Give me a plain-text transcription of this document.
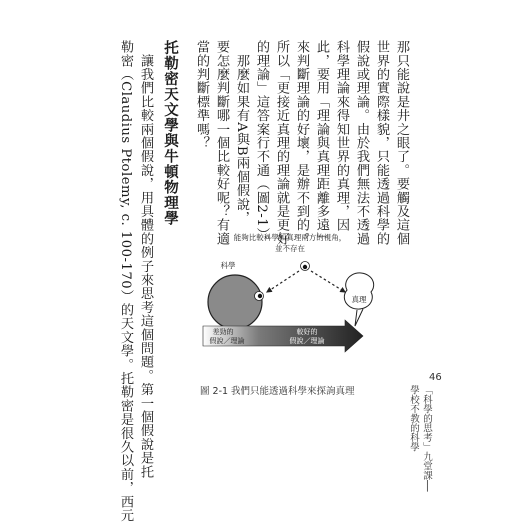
那只能說是井之眼了。要觸及這個
世界的實際樣貌，只能透過科學的
假說或理論。由於我們無法不透過
科學理論來得知世界的真理，因
此，要用「理論與真理距離多遠」
來判斷理論的好壞，是辦不到的。
所以「更接近真理的理論就是更好
的理論」這答案行不通（圖2-1）。
　那麼如果有A與B兩個假說，
要怎麼判斷哪一個比較好呢？有適
當的判斷標準嗎？
托勒密天文學與牛頓物理學
　讓我們比較兩個假說，用具體的例子來思考這個問題。第一個假說是托
勒密（Claudius Ptolemy, c. 100-170）的天文學。托勒密是很久以前，西元	能夠比較科學和真理兩方的視角，
並不存在
科學
真理
差勁的
假說／理論
較好的
假說／理論
圖 2-1 我們只能透過科學來探詢真理	「科學的思考」九堂課──
學校不教的科學
46
